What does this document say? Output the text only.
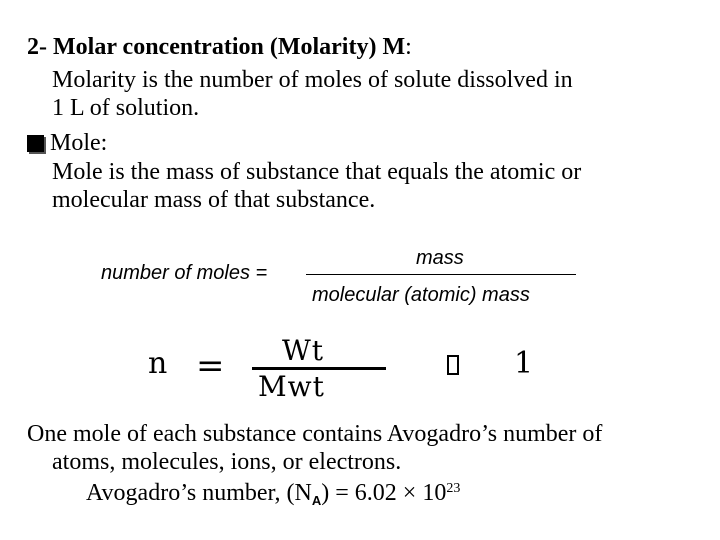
2- Molar concentration (Molarity) M:
Molarity is the number of moles of solute dissolved in
1 L of solution.
Mole:
Mole is the mass of substance that equals the atomic or
molecular mass of that substance.
number of moles =
mass
molecular (atomic) mass
n = Wt
Mwt
1
One mole of each substance contains Avogadro’s number of
atoms, molecules, ions, or electrons.
Avogadro’s number, $(N_A) = 6.02 \times 10^{23}$
